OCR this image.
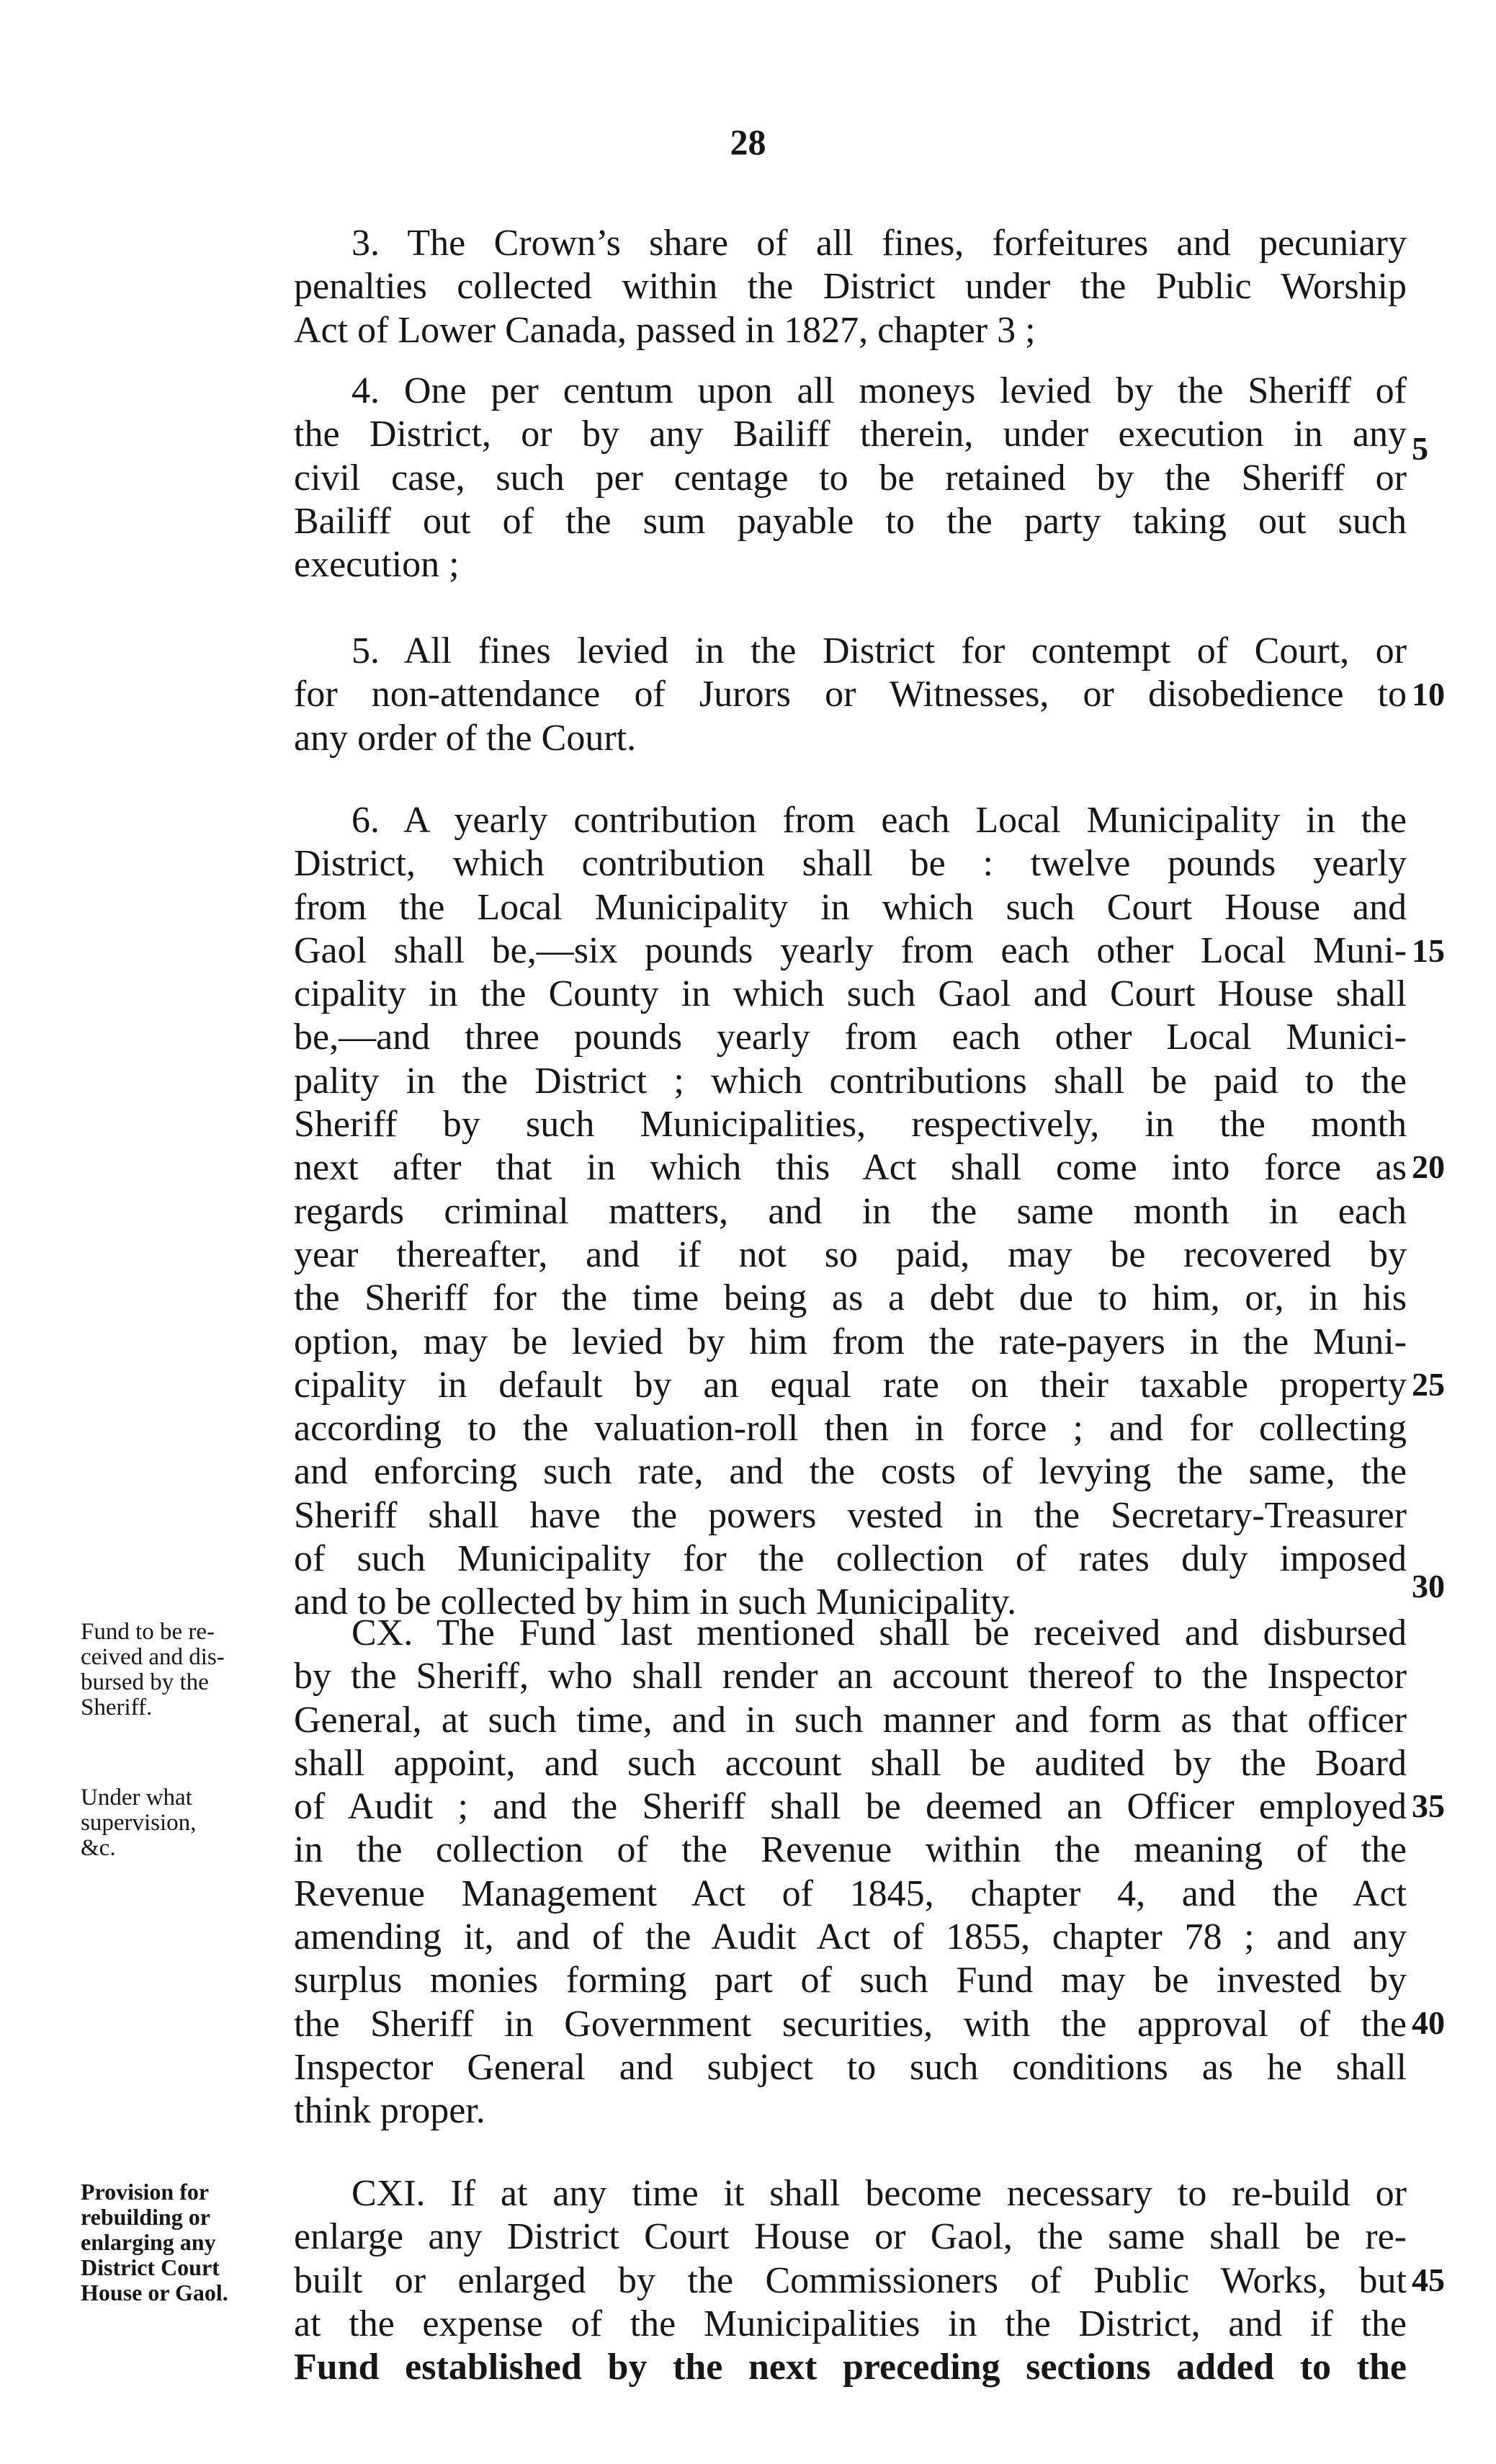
28
3. The Crown’s share of all fines, forfeitures and pecuniary
penalties collected within the District under the Public Worship
Act of Lower Canada, passed in 1827, chapter 3 ;
4. One per centum upon all moneys levied by the Sheriff of
the District, or by any Bailiff therein, under execution in any
civil case, such per centage to be retained by the Sheriff or
Bailiff out of the sum payable to the party taking out such
execution ;
5. All fines levied in the District for contempt of Court, or
for non-attendance of Jurors or Witnesses, or disobedience to
any order of the Court.
6. A yearly contribution from each Local Municipality in the
District, which contribution shall be : twelve pounds yearly
from the Local Municipality in which such Court House and
Gaol shall be,—six pounds yearly from each other Local Muni-
cipality in the County in which such Gaol and Court House shall
be,—and three pounds yearly from each other Local Munici-
pality in the District ; which contributions shall be paid to the
Sheriff by such Municipalities, respectively, in the month
next after that in which this Act shall come into force as
regards criminal matters, and in the same month in each
year thereafter, and if not so paid, may be recovered by
the Sheriff for the time being as a debt due to him, or, in his
option, may be levied by him from the rate-payers in the Muni-
cipality in default by an equal rate on their taxable property
according to the valuation-roll then in force ; and for collecting
and enforcing such rate, and the costs of levying the same, the
Sheriff shall have the powers vested in the Secretary-Treasurer
of such Municipality for the collection of rates duly imposed
and to be collected by him in such Municipality.
CX. The Fund last mentioned shall be received and disbursed
by the Sheriff, who shall render an account thereof to the Inspector
General, at such time, and in such manner and form as that officer
shall appoint, and such account shall be audited by the Board
of Audit ; and the Sheriff shall be deemed an Officer employed
in the collection of the Revenue within the meaning of the
Revenue Management Act of 1845, chapter 4, and the Act
amending it, and of the Audit Act of 1855, chapter 78 ; and any
surplus monies forming part of such Fund may be invested by
the Sheriff in Government securities, with the approval of the
Inspector General and subject to such conditions as he shall
think proper.
CXI. If at any time it shall become necessary to re-build or
enlarge any District Court House or Gaol, the same shall be re-
built or enlarged by the Commissioners of Public Works, but
at the expense of the Municipalities in the District, and if the
Fund established by the next preceding sections added to the
5
10
15
20
25
30
35
40
45
Fund to be re-
ceived and dis-
bursed by the
Sheriff.
Under what
supervision,
&c.
Provision for
rebuilding or
enlarging any
District Court
House or Gaol.
